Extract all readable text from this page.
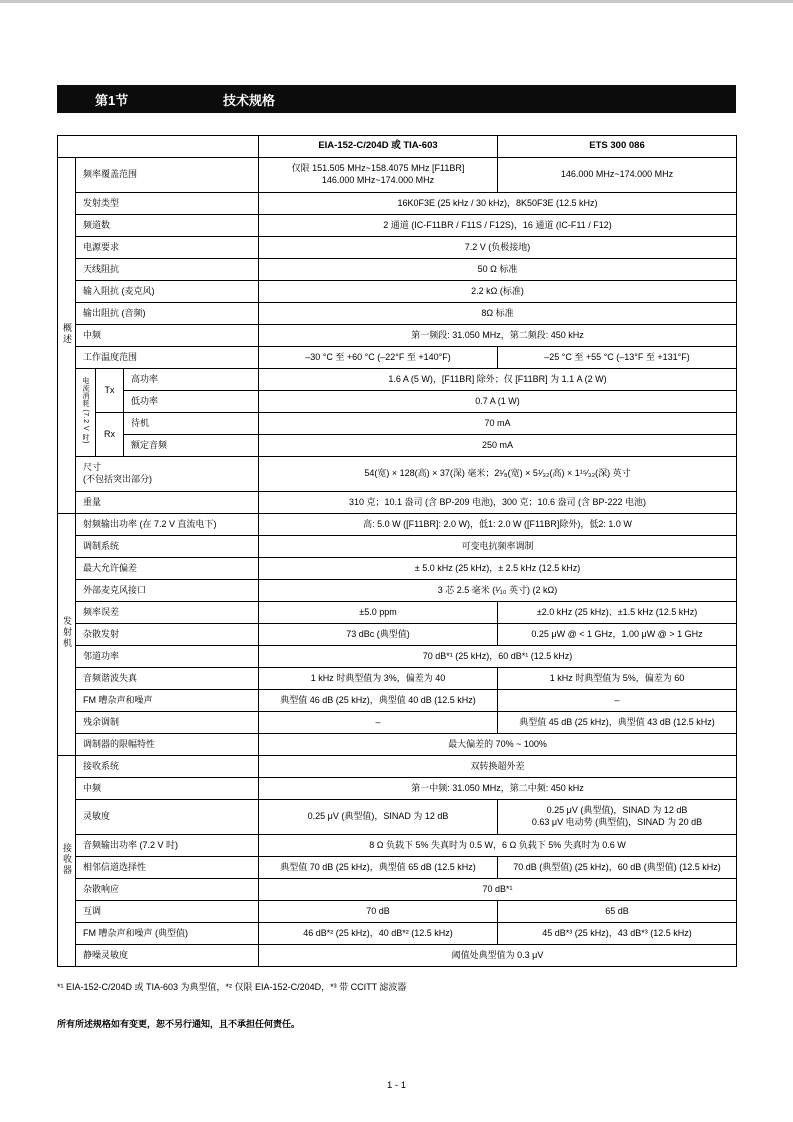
第1节	技术规格
				EIA-152-C/204D 或 TIA-603	ETS 300 086
概述	频率覆盖范围			仅限 151.505 MHz~158.4075 MHz [F11BR]
146.000 MHz~174.000 MHz	146.000 MHz~174.000 MHz
	发射类型			16K0F3E (25 kHz / 30 kHz)，8K50F3E (12.5 kHz)	
	频道数			2 通道 (IC-F11BR / F11S / F12S)，16 通道 (IC-F11 / F12)	
	电源要求			7.2 V (负极接地)	
	天线阻抗			50 Ω 标准	
	输入阻抗 (麦克风)			2.2 kΩ (标准)	
	输出阻抗 (音频)			8Ω 标准	
	中频			第一频段: 31.050 MHz，第二频段: 450 kHz	
	工作温度范围			–30 °C 至 +60 °C (–22°F 至 +140°F)	–25 °C 至 +55 °C (–13°F 至 +131°F)
	电流消耗 (7.2 V 时)	Tx	高功率	1.6 A (5 W)，[F11BR] 除外；仅 [F11BR] 为 1.1 A (2 W)	
			低功率	0.7 A (1 W)	
		Rx	待机	70 mA	
			额定音频	250 mA	

	尺寸
(不包括突出部分)			54(宽) × 128(高) × 37(深) 毫米；2¹⁄₈(宽) × 5¹⁄₃₂(高) × 1¹⁵⁄₃₂(深) 英寸	
	重量			310 克；10.1 盎司 (含 BP-209 电池)，300 克；10.6 盎司 (含 BP-222 电池)	
发射机	射频输出功率 (在 7.2 V 直流电下)			高: 5.0 W ([F11BR]: 2.0 W)，低1: 2.0 W ([F11BR]除外)，低2: 1.0 W	
	调制系统			可变电抗频率调制	
	最大允许偏差			± 5.0 kHz (25 kHz)，± 2.5 kHz (12.5 kHz)	
	外部麦克风接口			3 芯 2.5 毫米 (¹⁄₁₀ 英寸) (2 kΩ)	
	频率误差			±5.0 ppm	±2.0 kHz (25 kHz)、±1.5 kHz (12.5 kHz)
	杂散发射			73 dBc (典型值)	0.25 μW @ < 1 GHz，1.00 μW @ > 1 GHz
	邻道功率			70 dB*¹ (25 kHz)，60 dB*¹ (12.5 kHz)	
	音频谐波失真			1 kHz 时典型值为 3%，偏差为 40	1 kHz 时典型值为 5%，偏差为 60
	FM 嘈杂声和噪声			典型值 46 dB (25 kHz)，典型值 40 dB (12.5 kHz)	–
	残余调制			–	典型值 45 dB (25 kHz)，典型值 43 dB (12.5 kHz)
	调制器的限幅特性			最大偏差的 70% ~ 100%	
接收器	接收系统			双转换超外差	
	中频			第一中频: 31.050 MHz，第二中频: 450 kHz	
	灵敏度			0.25 μV (典型值)，SINAD 为 12 dB	0.25 μV (典型值)，SINAD 为 12 dB
0.63 μV 电动势 (典型值)，SINAD 为 20 dB

	音频输出功率 (7.2 V 时)			8 Ω 负载下 5% 失真时为 0.5 W，6 Ω 负载下 5% 失真时为 0.6 W	
	相邻信道选择性			典型值 70 dB (25 kHz)，典型值 65 dB (12.5 kHz)	70 dB (典型值) (25 kHz)，60 dB (典型值) (12.5 kHz)
	杂散响应			70 dB*¹	
	互调			70 dB	65 dB
	FM 嘈杂声和噪声 (典型值)			46 dB*² (25 kHz)，40 dB*² (12.5 kHz)	45 dB*³ (25 kHz)，43 dB*³ (12.5 kHz)
	静噪灵敏度			阈值处典型值为 0.3 μV	
*¹ EIA-152-C/204D 或 TIA-603 为典型值，*² 仅限 EIA-152-C/204D，*³ 带 CCITT 滤波器
所有所述规格如有变更，恕不另行通知，且不承担任何责任。
1 - 1
